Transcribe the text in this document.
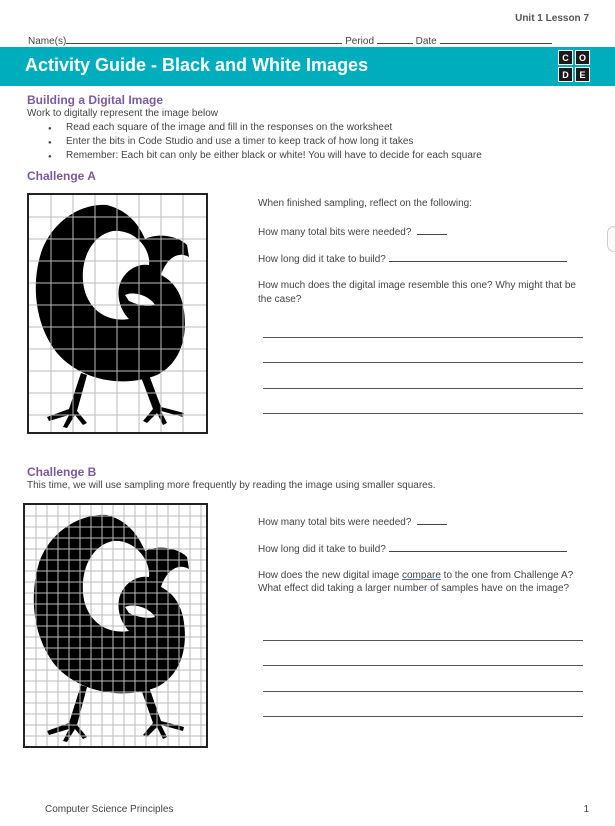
Unit 1 Lesson 7
Name(s)	Period	Date
Activity Guide - Black and White Images	C	O
D	E
Building a Digital Image
Work to digitally represent the image below
● Read each square of the image and fill in the responses on the worksheet
● Enter the bits in Code Studio and use a timer to keep track of how long it takes
● Remember: Each bit can only be either black or white! You will have to decide for each square
Challenge A
When finished sampling, reflect on the following:
How many total bits were needed?
How long did it take to build?
How much does the digital image resemble this one? Why might that be the case?
Challenge B
This time, we will use sampling more frequently by reading the image using smaller squares.
How many total bits were needed?
How long did it take to build?
How does the new digital image compare to the one from Challenge A? What effect did taking a larger number of samples have on the image?
Computer Science Principles	1
